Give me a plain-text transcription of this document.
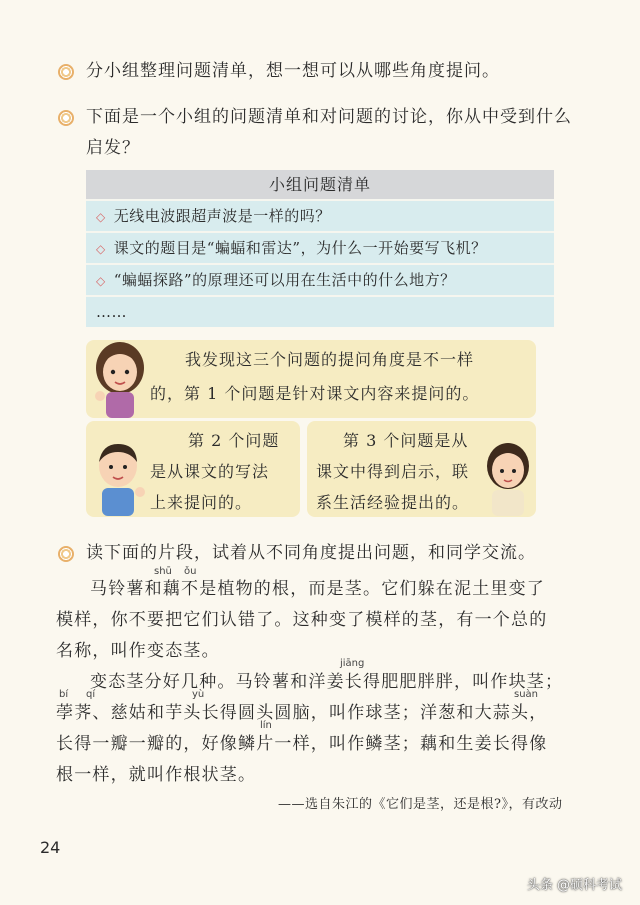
分小组整理问题清单，想一想可以从哪些角度提问。
下面是一个小组的问题清单和对问题的讨论，你从中受到什么
启发？
小组问题清单
◇ 无线电波跟超声波是一样的吗？
◇ 课文的题目是“蝙蝠和雷达”，为什么一开始要写飞机？
◇ “蝙蝠探路”的原理还可以用在生活中的什么地方？
……
我发现这三个问题的提问角度是不一样
的，第 1 个问题是针对课文内容来提问的。
第 2 个问题
是从课文的写法
上来提问的。
第 3 个问题是从
课文中得到启示，联
系生活经验提出的。
读下面的片段，试着从不同角度提出问题，和同学交流。
shū ǒu
jiāng
bí qí	yù	suàn
lín
马铃薯和藕不是植物的根，而是茎。它们躲在泥土里变了
模样，你不要把它们认错了。这种变了模样的茎，有一个总的
名称，叫作变态茎。
变态茎分好几种。马铃薯和洋姜长得肥肥胖胖，叫作块茎；
荸荠、慈姑和芋头长得圆头圆脑，叫作球茎；洋葱和大蒜头，
长得一瓣一瓣的，好像鳞片一样，叫作鳞茎；藕和生姜长得像
根一样，就叫作根状茎。
——选自朱江的《它们是茎，还是根?》，有改动
24
头条 @硕科考试
